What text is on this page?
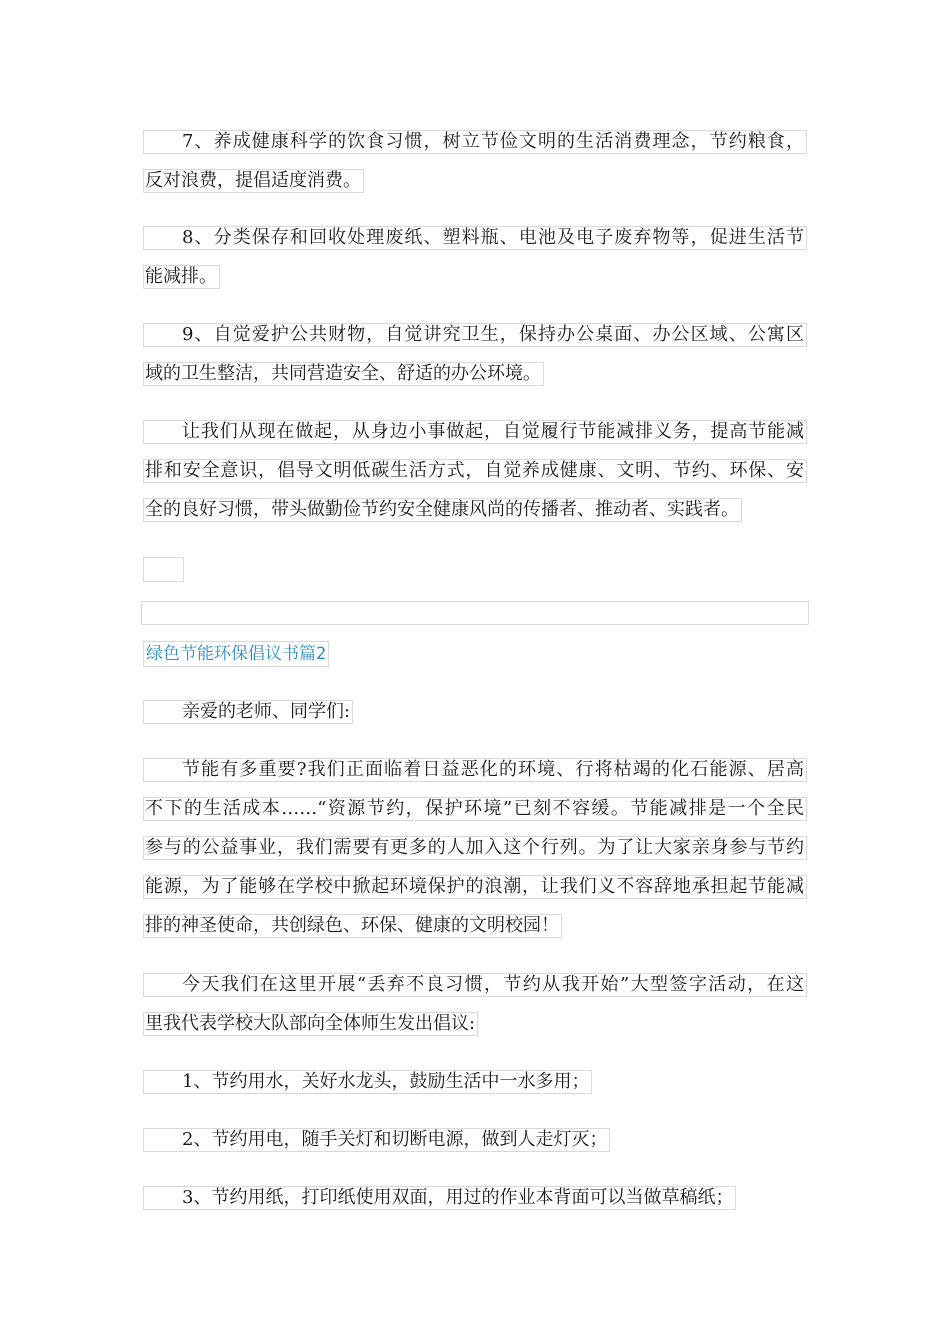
7、养成健康科学的饮食习惯，树立节俭文明的生活消费理念，节约粮食，
反对浪费，提倡适度消费。
8、分类保存和回收处理废纸、塑料瓶、电池及电子废弃物等，促进生活节
能减排。
9、自觉爱护公共财物，自觉讲究卫生，保持办公桌面、办公区域、公寓区
域的卫生整洁，共同营造安全、舒适的办公环境。
让我们从现在做起，从身边小事做起，自觉履行节能减排义务，提高节能减
排和安全意识，倡导文明低碳生活方式，自觉养成健康、文明、节约、环保、安
全的良好习惯，带头做勤俭节约安全健康风尚的传播者、推动者、实践者。
绿色节能环保倡议书篇2
亲爱的老师、同学们:
节能有多重要?我们正面临着日益恶化的环境、行将枯竭的化石能源、居高
不下的生活成本……“资源节约，保护环境”已刻不容缓。节能减排是一个全民
参与的公益事业，我们需要有更多的人加入这个行列。为了让大家亲身参与节约
能源，为了能够在学校中掀起环境保护的浪潮，让我们义不容辞地承担起节能减
排的神圣使命，共创绿色、环保、健康的文明校园！
今天我们在这里开展“丢弃不良习惯，节约从我开始”大型签字活动，在这
里我代表学校大队部向全体师生发出倡议:
1、节约用水，关好水龙头，鼓励生活中一水多用；
2、节约用电，随手关灯和切断电源，做到人走灯灭；
3、节约用纸，打印纸使用双面，用过的作业本背面可以当做草稿纸；
